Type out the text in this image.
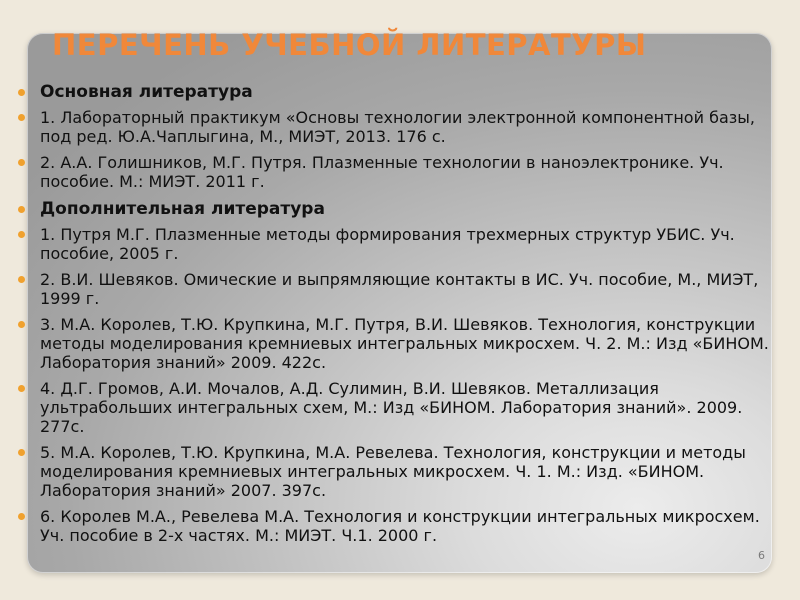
ПЕРЕЧЕНЬ УЧЕБНОЙ ЛИТЕРАТУРЫ
Основная литература
1. Лабораторный практикум «Основы технологии электронной компонентной базы, под ред. Ю.А.Чаплыгина, М., МИЭТ, 2013. 176 с.
2. А.А. Голишников, М.Г. Путря. Плазменные технологии в наноэлектронике. Уч. пособие. М.: МИЭТ. 2011 г.
Дополнительная литература
1. Путря М.Г. Плазменные методы формирования трехмерных структур УБИС. Уч. пособие, 2005 г.
2. В.И. Шевяков. Омические и выпрямляющие контакты в ИС. Уч. пособие, М., МИЭТ, 1999 г.
3. М.А. Королев, Т.Ю. Крупкина, М.Г. Путря, В.И. Шевяков. Технология, конструкции методы моделирования кремниевых интегральных микросхем. Ч. 2. М.: Изд «БИНОМ. Лаборатория знаний» 2009. 422с.
4. Д.Г. Громов, А.И. Мочалов, А.Д. Сулимин, В.И. Шевяков. Металлизация ультрабольших интегральных схем, М.: Изд «БИНОМ. Лаборатория знаний». 2009. 277с.
5. М.А. Королев, Т.Ю. Крупкина, М.А. Ревелева. Технология, конструкции и методы моделирования кремниевых интегральных микросхем. Ч. 1. М.: Изд. «БИНОМ. Лаборатория знаний» 2007. 397с.
6. Королев М.А., Ревелева М.А. Технология и конструкции интегральных микросхем. Уч. пособие в 2-х частях. М.: МИЭТ. Ч.1. 2000 г.
6
